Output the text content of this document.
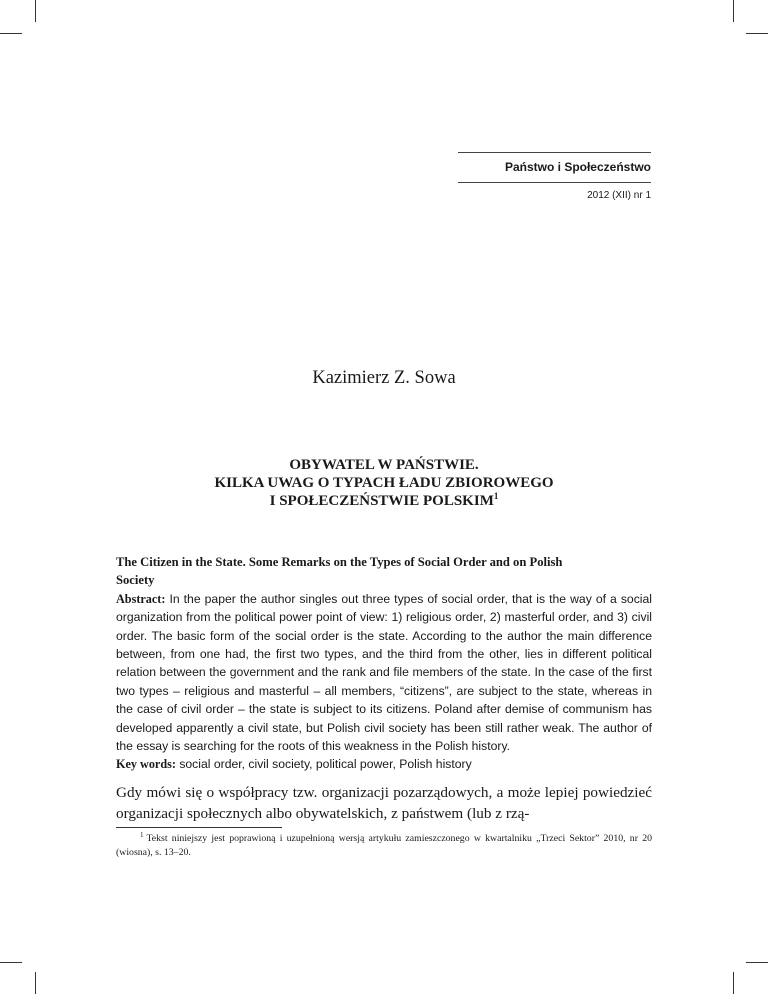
Państwo i Społeczeństwo
2012 (XII) nr 1
Kazimierz Z. Sowa
OBYWATEL W PAŃSTWIE.
KILKA UWAG O TYPACH ŁADU ZBIOROWEGO
I SPOŁECZEŃSTWIE POLSKIM$^1$

The Citizen in the State. Some Remarks on the Types of Social Order and on Polish Society

Abstract: In the paper the author singles out three types of social order, that is the way of a social organization from the political power point of view: 1) religious order, 2) masterful order, and 3) civil order. The basic form of the social order is the state. According to the author the main difference between, from one had, the first two types, and the third from the other, lies in different political relation between the government and the rank and file members of the state. In the case of the first two types – religious and masterful – all members, “citizens”, are subject to the state, whereas in the case of civil order – the state is subject to its citizens. Poland after demise of communism has developed apparently a civil state, but Polish civil society has been still rather weak. The author of the essay is searching for the roots of this weakness in the Polish history.

Key words: social order, civil society, political power, Polish history

Gdy mówi się o współpracy tzw. organizacji pozarządowych, a może lepiej powiedzieć organizacji społecznych albo obywatelskich, z państwem (lub z rzą-

$^1$ Tekst niniejszy jest poprawioną i uzupełnioną wersją artykułu zamieszczonego w kwartalniku „Trzeci Sektor” 2010, nr 20 (wiosna), s. 13–20.
